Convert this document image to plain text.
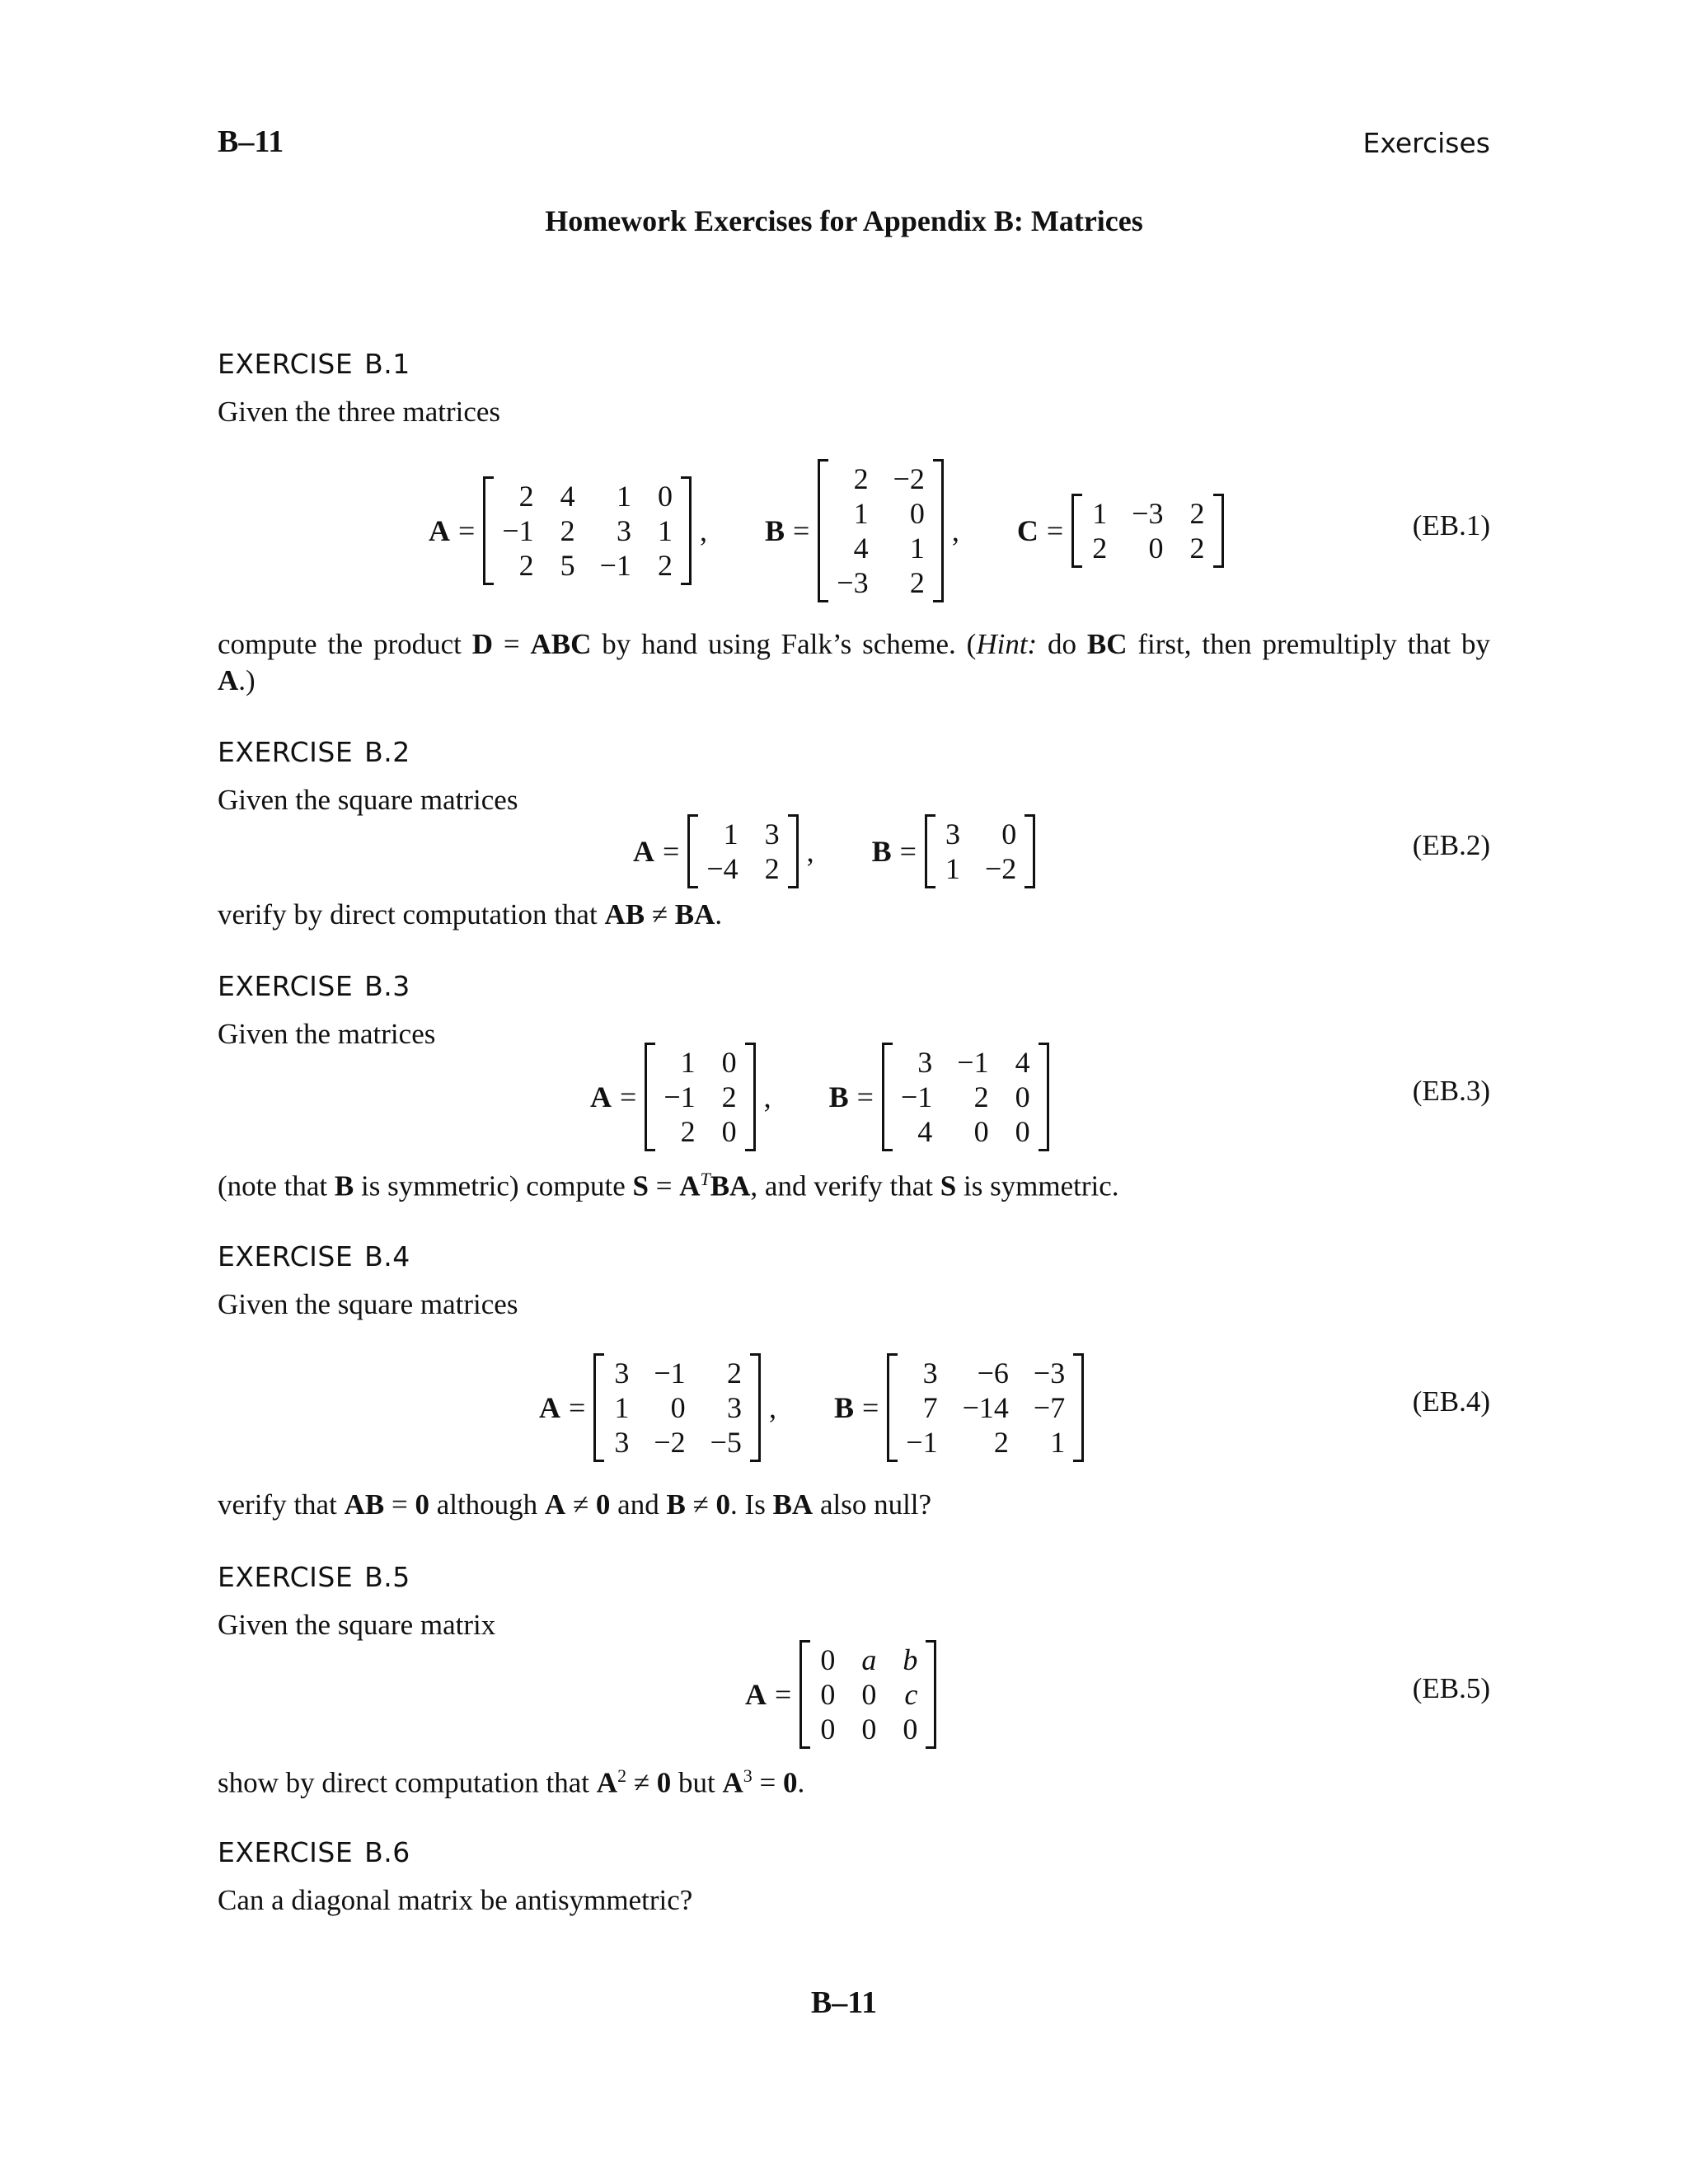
B–11	Exercises
Homework Exercises for Appendix B: Matrices
EXERCISE B.1
Given the three matrices
A =
2 4	1 0
−1 2	3 1
2 5 −1 2
, B =
2 −2
1	0
4	1
−3	2
, C =
1 −3 2
2	0 2
(EB.1)
compute the product D = ABC by hand using Falk’s scheme. (Hint: do BC first, then premultiply that by
A.)
EXERCISE B.2
Given the square matrices
A =
1 3
−4 2
, B =
3	0
1 −2
(EB.2)
verify by direct computation that AB ≠ BA.
EXERCISE B.3
Given the matrices
A =
1 0
−1 2
2 0
, B =
3 −1 4
−1	2 0
4	0 0
(EB.3)
(note that B is symmetric) compute $S = A^TBA$, and verify that S is symmetric.
EXERCISE B.4
Given the square matrices
A =
3 −1	2
1	0	3
3 −2 −5
, B =
3	−6 −3
7 −14 −7
−1	2	1
(EB.4)
verify that AB = 0 although A ≠ 0 and B ≠ 0. Is BA also null?
EXERCISE B.5
Given the square matrix
A =
0 a b
0 0 c
0 0 0
(EB.5)
show by direct computation that $A^2 \ne 0$ but $A^3 = 0$.
EXERCISE B.6
Can a diagonal matrix be antisymmetric?
B–11
